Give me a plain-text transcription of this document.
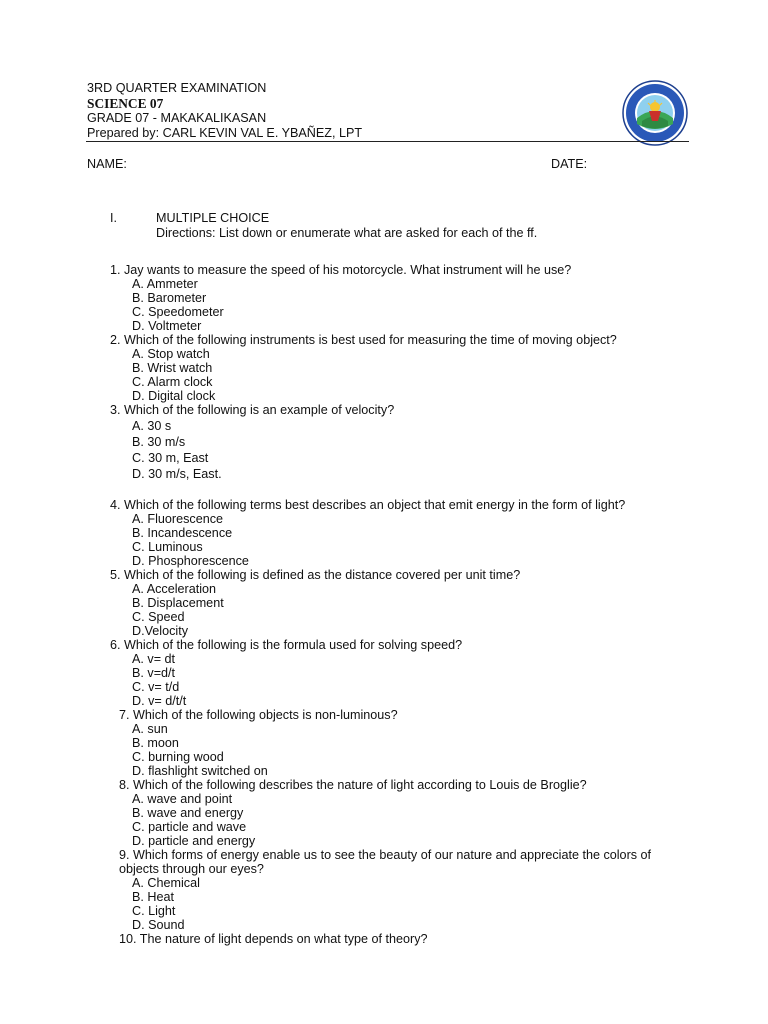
3RD QUARTER EXAMINATION
SCIENCE 07
GRADE 07 - MAKAKALIKASAN
Prepared by: CARL KEVIN VAL E. YBAÑEZ, LPT
NAME:	DATE:
I.	MULTIPLE CHOICE
Directions: List down or enumerate what are asked for each of the ff.
1. Jay wants to measure the speed of his motorcycle. What instrument will he use?
A. Ammeter
B. Barometer
C. Speedometer
D. Voltmeter
2. Which of the following instruments is best used for measuring the time of moving object?
A. Stop watch
B. Wrist watch
C. Alarm clock
D. Digital clock
3. Which of the following is an example of velocity?
A. 30 s
B. 30 m/s
C. 30 m, East
D. 30 m/s, East.
4. Which of the following terms best describes an object that emit energy in the form of light?
A. Fluorescence
B. Incandescence
C. Luminous
D. Phosphorescence
5. Which of the following is defined as the distance covered per unit time?
A. Acceleration
B. Displacement
C. Speed
D.Velocity
6. Which of the following is the formula used for solving speed?
A. v= dt
B. v=d/t
C. v= t/d
D. v= d/t/t
7. Which of the following objects is non-luminous?
A. sun
B. moon
C. burning wood
D. flashlight switched on
8. Which of the following describes the nature of light according to Louis de Broglie?
A. wave and point
B. wave and energy
C. particle and wave
D. particle and energy
9. Which forms of energy enable us to see the beauty of our nature and appreciate the colors of
objects through our eyes?
A. Chemical
B. Heat
C. Light
D. Sound
10. The nature of light depends on what type of theory?
